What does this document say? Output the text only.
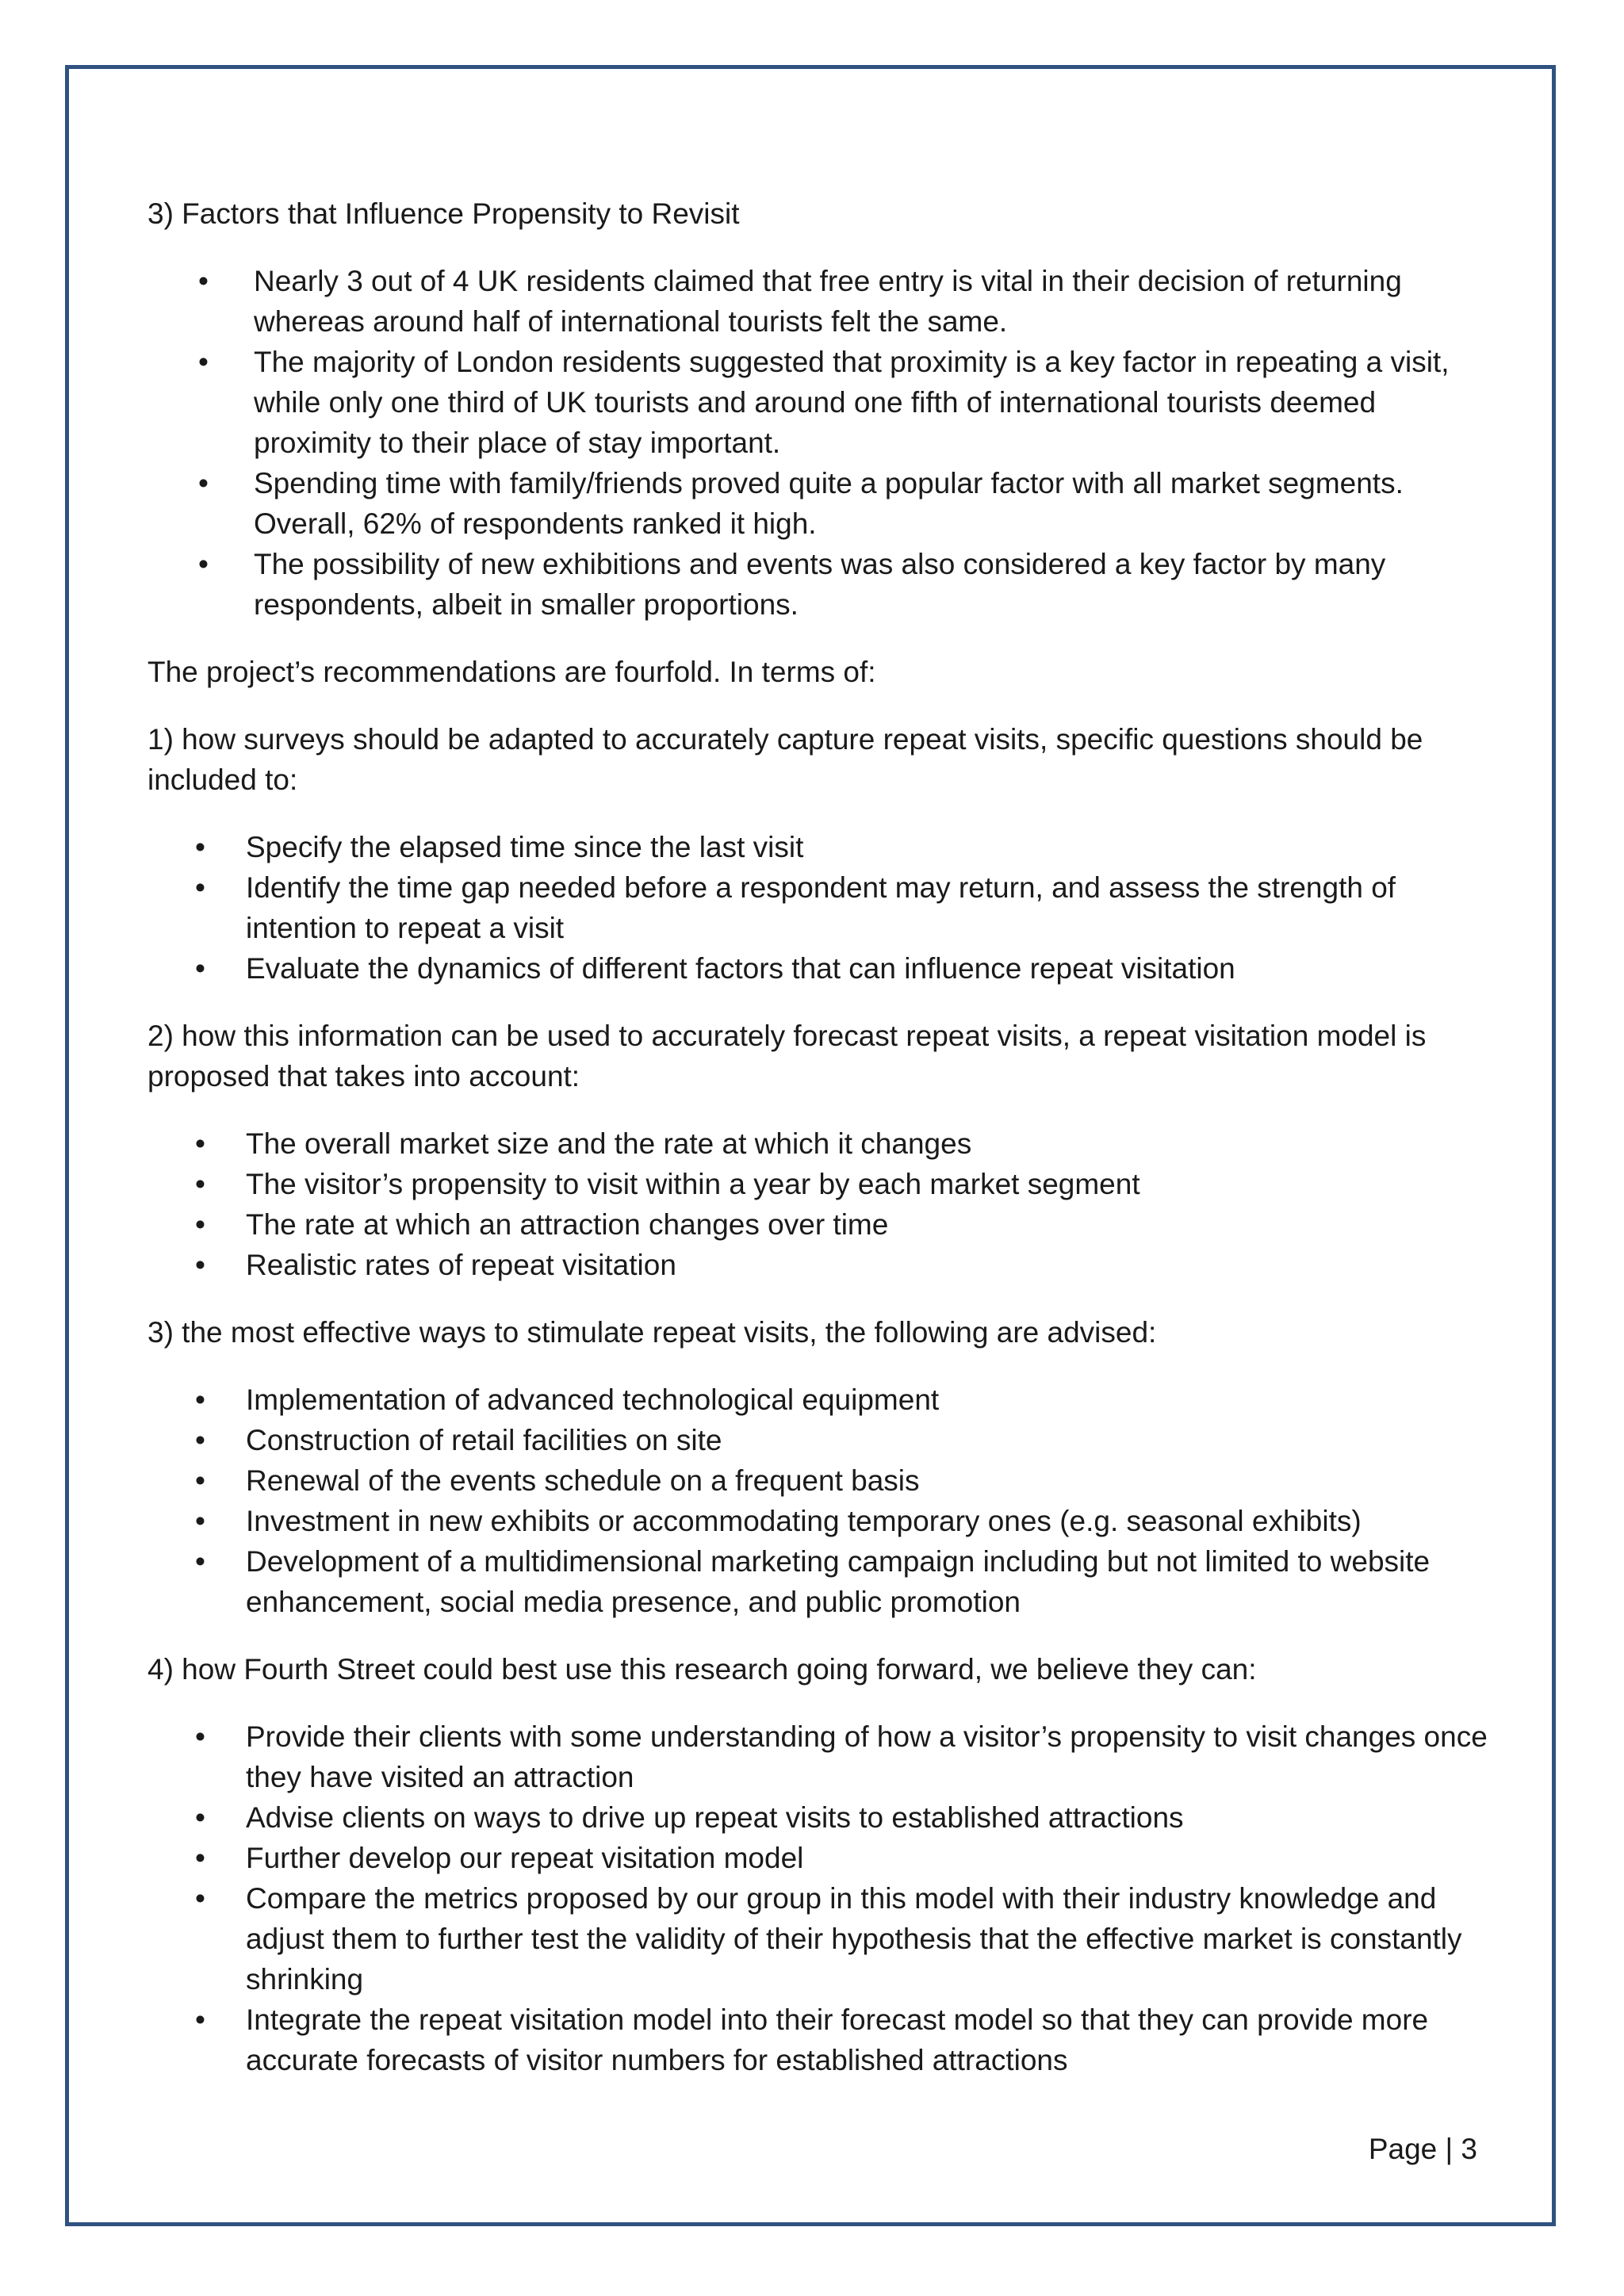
3) Factors that Influence Propensity to Revisit

• Nearly 3 out of 4 UK residents claimed that free entry is vital in their decision of returning whereas around half of international tourists felt the same.
• The majority of London residents suggested that proximity is a key factor in repeating a visit, while only one third of UK tourists and around one fifth of international tourists deemed proximity to their place of stay important.
• Spending time with family/friends proved quite a popular factor with all market segments. Overall, 62% of respondents ranked it high.
• The possibility of new exhibitions and events was also considered a key factor by many respondents, albeit in smaller proportions.

The project’s recommendations are fourfold. In terms of:

1) how surveys should be adapted to accurately capture repeat visits, specific questions should be included to:

• Specify the elapsed time since the last visit
• Identify the time gap needed before a respondent may return, and assess the strength of intention to repeat a visit
• Evaluate the dynamics of different factors that can influence repeat visitation

2) how this information can be used to accurately forecast repeat visits, a repeat visitation model is proposed that takes into account:

• The overall market size and the rate at which it changes
• The visitor’s propensity to visit within a year by each market segment
• The rate at which an attraction changes over time
• Realistic rates of repeat visitation

3) the most effective ways to stimulate repeat visits, the following are advised:

• Implementation of advanced technological equipment
• Construction of retail facilities on site
• Renewal of the events schedule on a frequent basis
• Investment in new exhibits or accommodating temporary ones (e.g. seasonal exhibits)
• Development of a multidimensional marketing campaign including but not limited to website enhancement, social media presence, and public promotion

4) how Fourth Street could best use this research going forward, we believe they can:

• Provide their clients with some understanding of how a visitor’s propensity to visit changes once they have visited an attraction
• Advise clients on ways to drive up repeat visits to established attractions
• Further develop our repeat visitation model
• Compare the metrics proposed by our group in this model with their industry knowledge and adjust them to further test the validity of their hypothesis that the effective market is constantly shrinking
• Integrate the repeat visitation model into their forecast model so that they can provide more accurate forecasts of visitor numbers for established attractions
Page | 3
